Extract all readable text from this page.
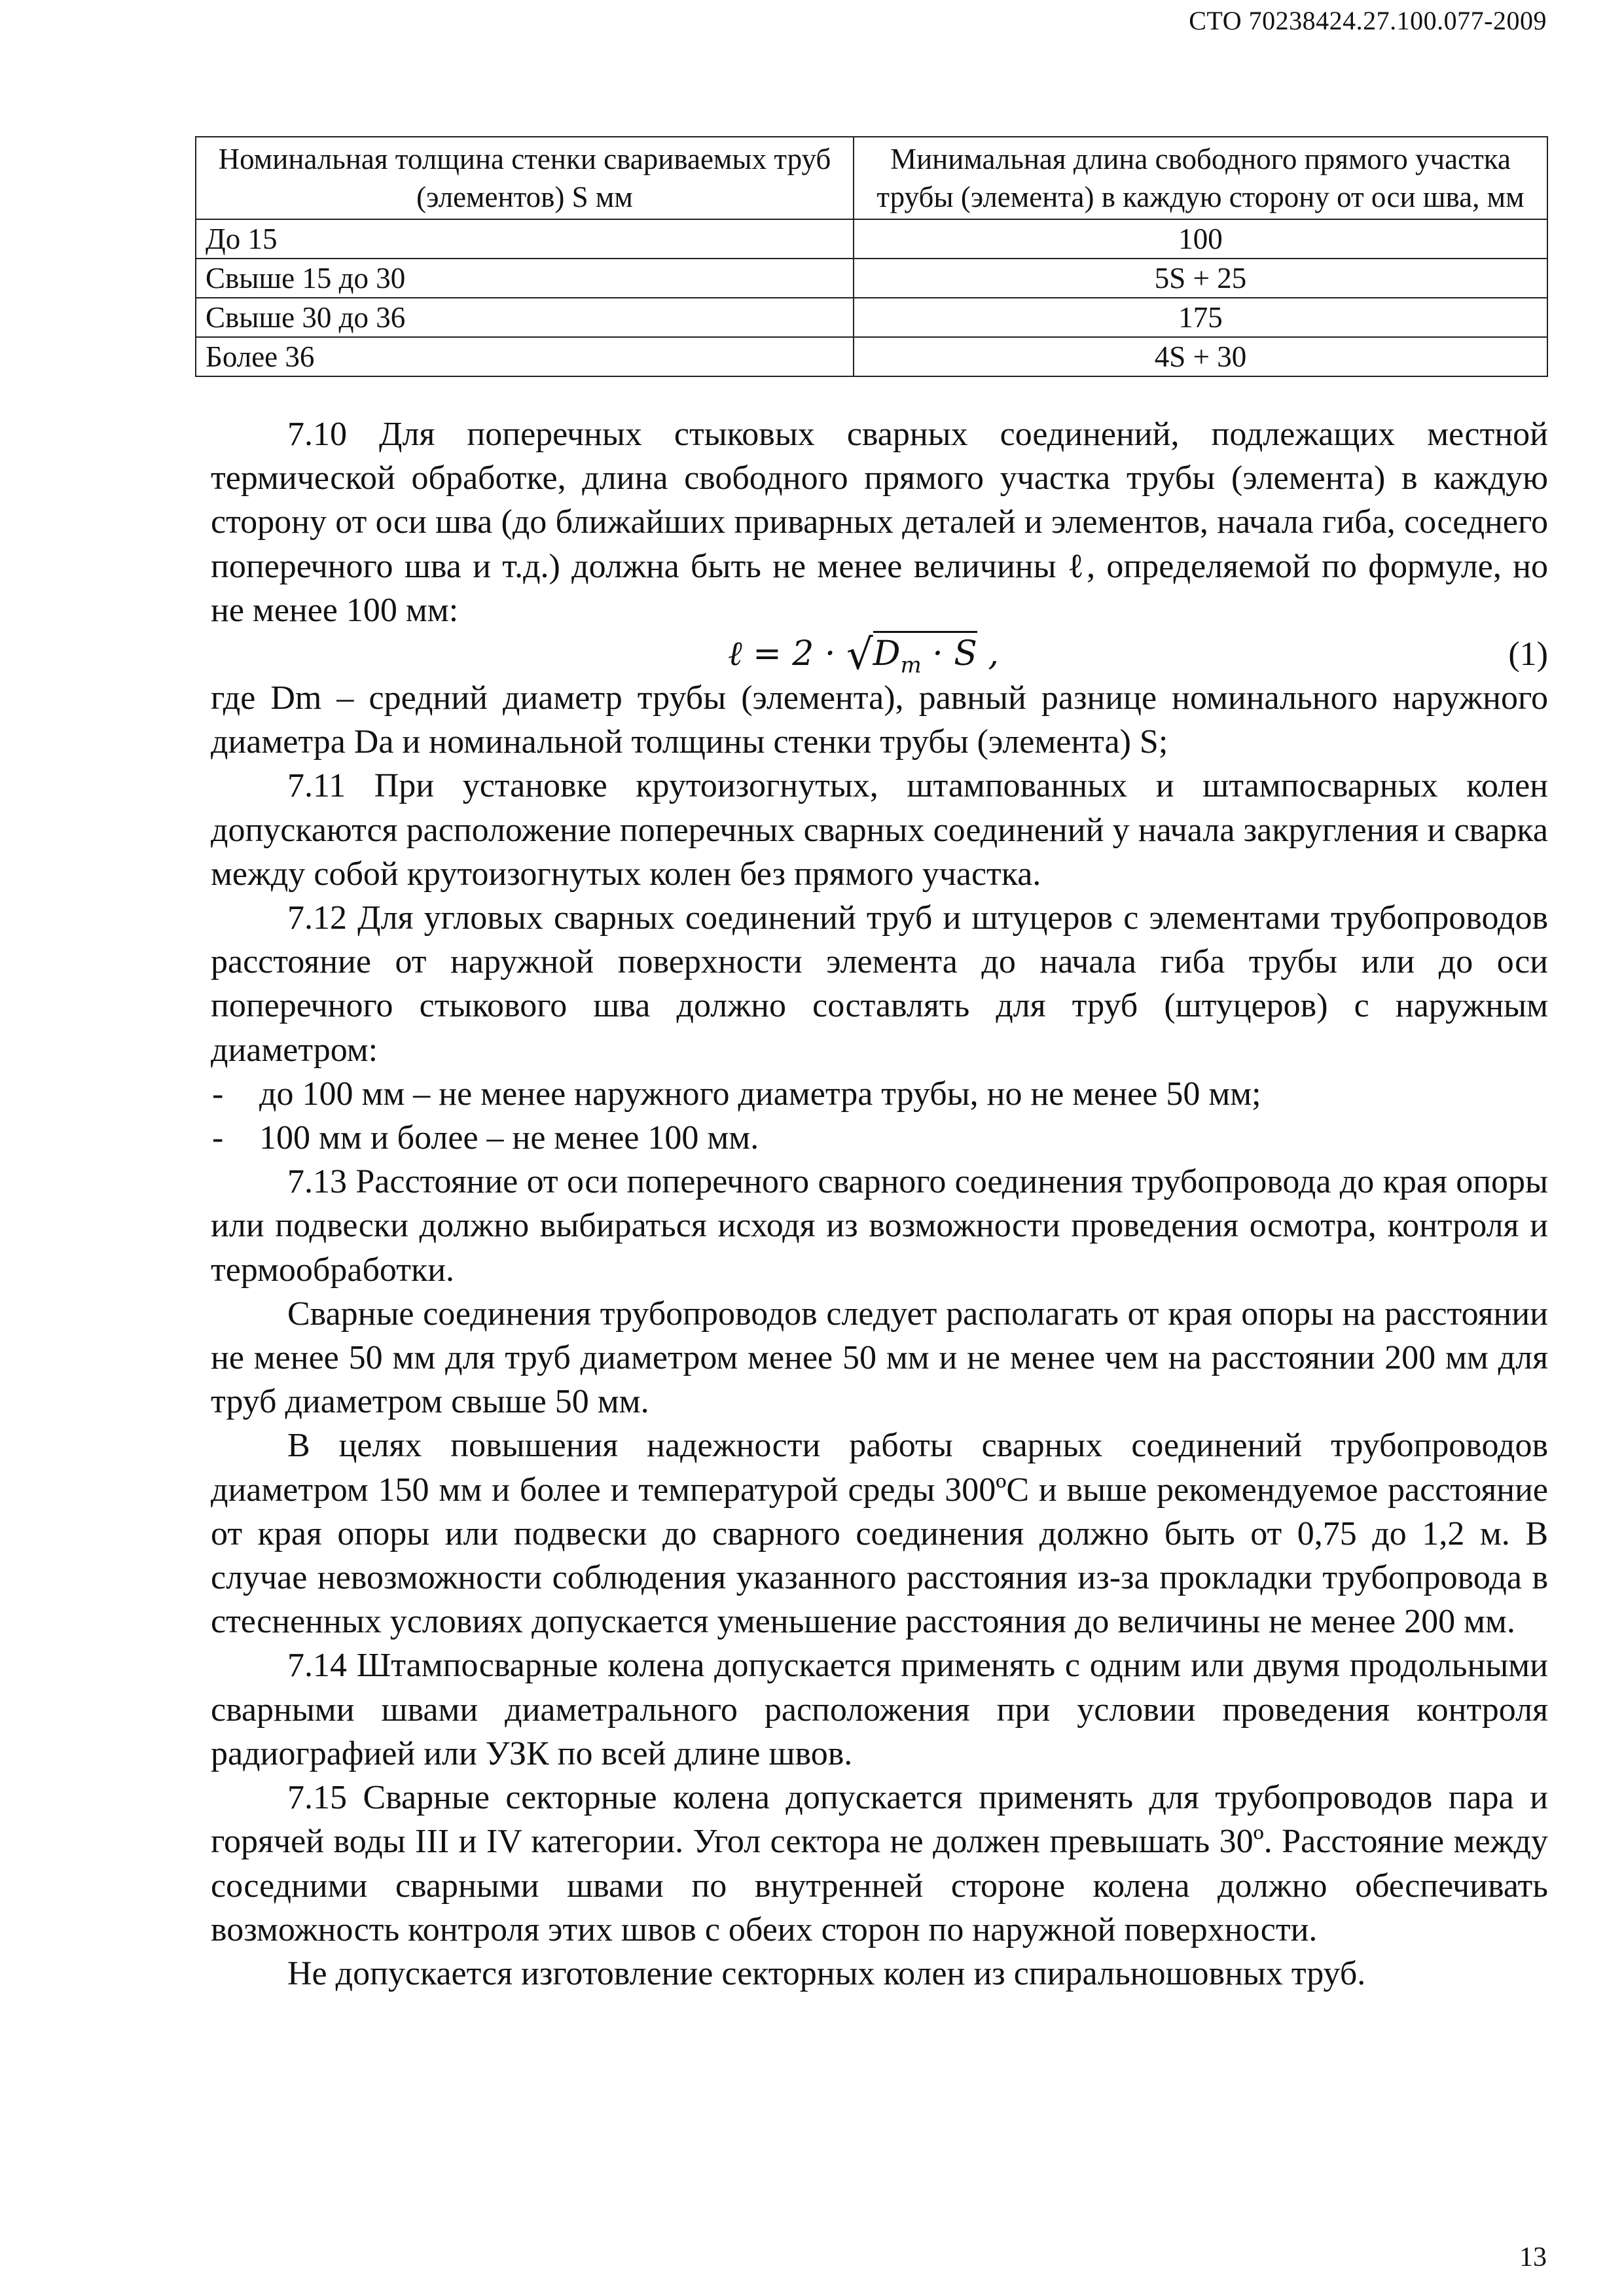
СТО 70238424.27.100.077-2009
Номинальная толщина стенки свариваемых труб (элементов) S мм	Минимальная длина свободного прямого участка трубы (элемента) в каждую сторону от оси шва, мм
До 15	100
Свыше 15 до 30	5S + 25
Свыше 30 до 36	175
Более 36	4S + 30

7.10 Для поперечных стыковых сварных соединений, подлежащих местной термической обработке, длина свободного прямого участка трубы (элемента) в каждую сторону от оси шва (до ближайших приварных деталей и элементов, начала гиба, соседнего поперечного шва и т.д.) должна быть не менее величины ℓ, определяемой по формуле, но не менее 100 мм:

ℓ = $2 \cdot √D_m \cdot S$ ,	(1)

где Dm – средний диаметр трубы (элемента), равный разнице номинального наружного диаметра Da и номинальной толщины стенки трубы (элемента) S;

7.11 При установке крутоизогнутых, штампованных и штампосварных колен допускаются расположение поперечных сварных соединений у начала закругления и сварка между собой крутоизогнутых колен без прямого участка.

7.12 Для угловых сварных соединений труб и штуцеров с элементами трубопроводов расстояние от наружной поверхности элемента до начала гиба трубы или до оси поперечного стыкового шва должно составлять для труб (штуцеров) с наружным диаметром:

- до 100 мм – не менее наружного диаметра трубы, но не менее 50 мм;

- 100 мм и более – не менее 100 мм.

7.13 Расстояние от оси поперечного сварного соединения трубопровода до края опоры или подвески должно выбираться исходя из возможности проведения осмотра, контроля и термообработки.

Сварные соединения трубопроводов следует располагать от края опоры на расстоянии не менее 50 мм для труб диаметром менее 50 мм и не менее чем на расстоянии 200 мм для труб диаметром свыше 50 мм.

В целях повышения надежности работы сварных соединений трубопроводов диаметром 150 мм и более и температурой среды 300ºС и выше рекомендуемое расстояние от края опоры или подвески до сварного соединения должно быть от 0,75 до 1,2 м. В случае невозможности соблюдения указанного расстояния из-за прокладки трубопровода в стесненных условиях допускается уменьшение расстояния до величины не менее 200 мм.

7.14 Штампосварные колена допускается применять с одним или двумя продольными сварными швами диаметрального расположения при условии проведения контроля радиографией или УЗК по всей длине швов.

7.15 Сварные секторные колена допускается применять для трубопроводов пара и горячей воды III и IV категории. Угол сектора не должен превышать 30º. Расстояние между соседними сварными швами по внутренней стороне колена должно обеспечивать возможность контроля этих швов с обеих сторон по наружной поверхности.

Не допускается изготовление секторных колен из спиральношовных труб.

13
